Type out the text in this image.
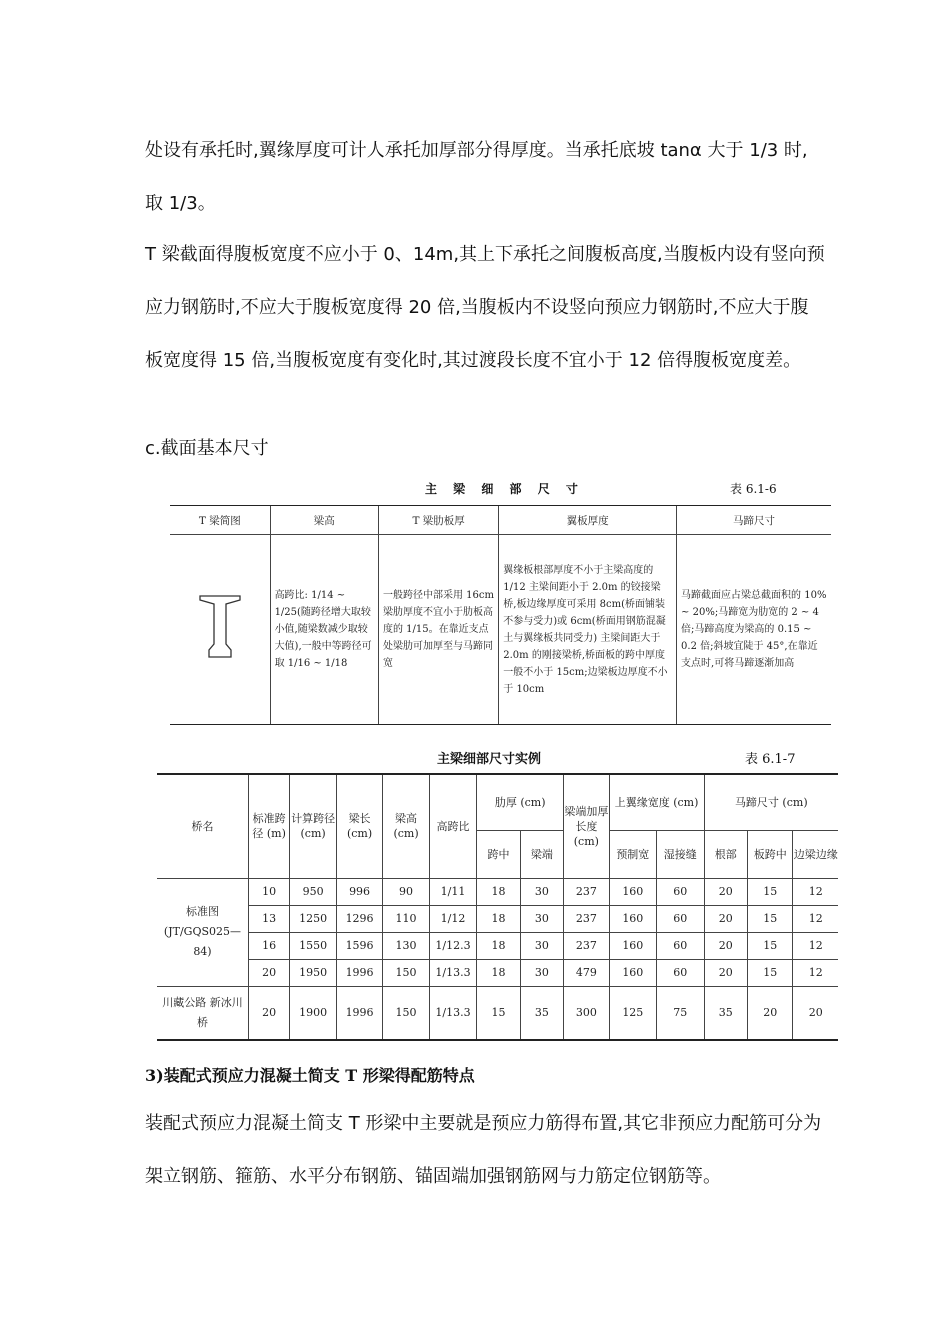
处设有承托时,翼缘厚度可计人承托加厚部分得厚度。当承托底坡 tanα 大于 1/3 时,取 1/3。

T 梁截面得腹板宽度不应小于 0、14m,其上下承托之间腹板高度,当腹板内设有竖向预应力钢筋时,不应大于腹板宽度得 20 倍,当腹板内不设竖向预应力钢筋时,不应大于腹板宽度得 15 倍,当腹板宽度有变化时,其过渡段长度不宜小于 12 倍得腹板宽度差。

c.截面基本尺寸

主 梁 细 部 尺 寸	表 6.1-6
T 梁简图	梁高	T 梁肋板厚	翼板厚度	马蹄尺寸
	高跨比: 1/14 ~ 1/25(随跨径增大取较小值,随梁数减少取较大值),一般中等跨径可取 1/16 ~ 1/18	一般跨径中部采用 16cm 梁肋厚度不宜小于肋板高度的 1/15。在靠近支点处梁肋可加厚至与马蹄同宽	翼缘板根部厚度不小于主梁高度的 1/12 主梁间距小于 2.0m 的铰接梁桥,板边缘厚度可采用 8cm(桥面铺装不参与受力)或 6cm(桥面用钢筋混凝土与翼缘板共同受力) 主梁间距大于 2.0m 的刚接梁桥,桥面板的跨中厚度一般不小于 15cm;边梁板边厚度不小于 10cm	马蹄截面应占梁总截面积的 10% ~ 20%;马蹄宽为肋宽的 2 ~ 4 倍;马蹄高度为梁高的 0.15 ~ 0.2 倍;斜坡宜陡于 45°,在靠近支点时,可将马蹄逐渐加高
主梁细部尺寸实例	表 6.1-7
桥名	标准跨径 (m)	计算跨径 (cm)	梁长 (cm)	梁高 (cm)	高跨比	肋厚 (cm)		梁端加厚长度 (cm)	上翼缘宽度 (cm)		马蹄尺寸 (cm)		
						跨中	梁端		预制宽	湿接缝	根部	板跨中	边梁边缘
标准图 (JT/GQS025—84)	10	950	996	90	1/11	18	30	237	160	60	20	15	12
	13	1250	1296	110	1/12	18	30	237	160	60	20	15	12
	16	1550	1596	130	1/12.3	18	30	237	160	60	20	15	12
	20	1950	1996	150	1/13.3	18	30	479	160	60	20	15	12
川藏公路 新冰川桥	20	1900	1996	150	1/13.3	15	35	300	125	75	35	20	20
3)装配式预应力混凝土简支 T 形梁得配筋特点

装配式预应力混凝土简支 T 形梁中主要就是预应力筋得布置,其它非预应力配筋可分为架立钢筋、箍筋、水平分布钢筋、锚固端加强钢筋网与力筋定位钢筋等。
